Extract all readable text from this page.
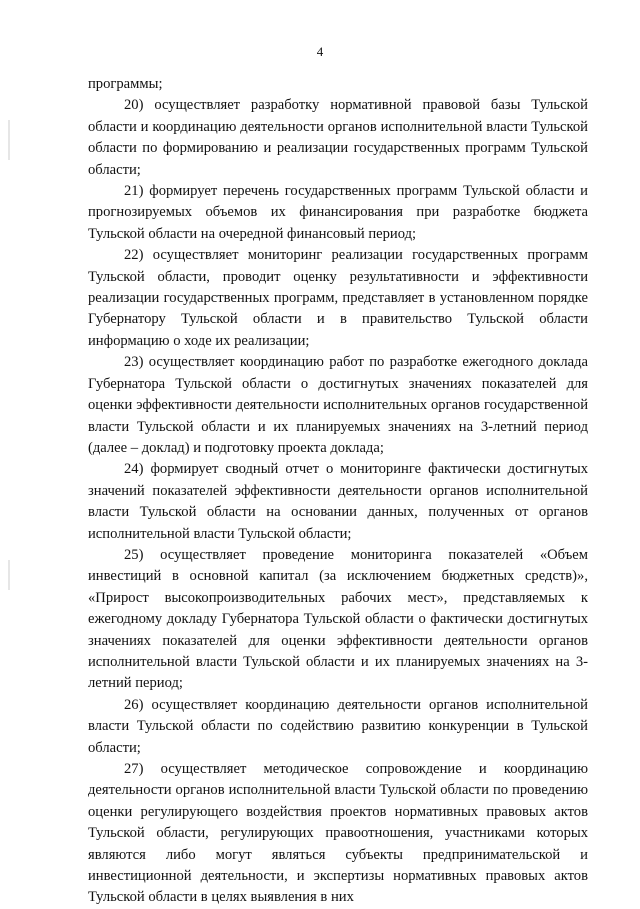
4

программы;

20) осуществляет разработку нормативной правовой базы Тульской области и координацию деятельности органов исполнительной власти Тульской области по формированию и реализации государственных программ Тульской области;

21) формирует перечень государственных программ Тульской области и прогнозируемых объемов их финансирования при разработке бюджета Тульской области на очередной финансовый период;

22) осуществляет мониторинг реализации государственных программ Тульской области, проводит оценку результативности и эффективности реализации государственных программ, представляет в установленном порядке Губернатору Тульской области и в правительство Тульской области информацию о ходе их реализации;

23) осуществляет координацию работ по разработке ежегодного доклада Губернатора Тульской области о достигнутых значениях показателей для оценки эффективности деятельности исполнительных органов государственной власти Тульской области и их планируемых значениях на 3-летний период (далее – доклад) и подготовку проекта доклада;

24) формирует сводный отчет о мониторинге фактически достигнутых значений показателей эффективности деятельности органов исполнительной власти Тульской области на основании данных, полученных от органов исполнительной власти Тульской области;

25) осуществляет проведение мониторинга показателей «Объем инвестиций в основной капитал (за исключением бюджетных средств)», «Прирост высокопроизводительных рабочих мест», представляемых к ежегодному докладу Губернатора Тульской области о фактически достигнутых значениях показателей для оценки эффективности деятельности органов исполнительной власти Тульской области и их планируемых значениях на 3-летний период;

26) осуществляет координацию деятельности органов исполнительной власти Тульской области по содействию развитию конкуренции в Тульской области;

27) осуществляет методическое сопровождение и координацию деятельности органов исполнительной власти Тульской области по проведению оценки регулирующего воздействия проектов нормативных правовых актов Тульской области, регулирующих правоотношения, участниками которых являются либо могут являться субъекты предпринимательской и инвестиционной деятельности, и экспертизы нормативных правовых актов Тульской области в целях выявления в них
